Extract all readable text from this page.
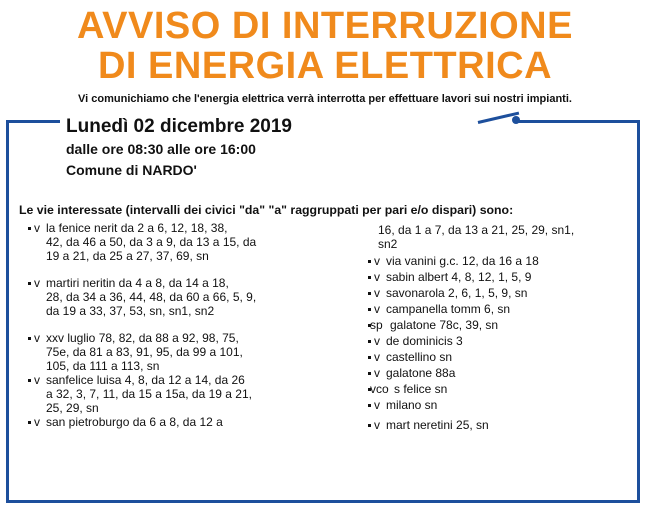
AVVISO DI INTERRUZIONE
DI ENERGIA ELETTRICA
Vi comunichiamo che l'energia elettrica verrà interrotta per effettuare lavori sui nostri impianti.
Lunedì 02 dicembre 2019
dalle ore 08:30 alle ore 16:00
Comune di NARDO'
Le vie interessate (intervalli dei civici "da" "a" raggruppati per pari e/o dispari) sono:
v la fenice nerit da 2 a 6, 12, 18, 38,
42, da 46 a 50, da 3 a 9, da 13 a 15, da
19 a 21, da 25 a 27, 37, 69, sn
v martiri neritin da 4 a 8, da 14 a 18,
28, da 34 a 36, 44, 48, da 60 a 66, 5, 9,
da 19 a 33, 37, 53, sn, sn1, sn2
v xxv luglio 78, 82, da 88 a 92, 98, 75,
75e, da 81 a 83, 91, 95, da 99 a 101,
105, da 111 a 113, sn
v sanfelice luisa 4, 8, da 12 a 14, da 26
a 32, 3, 7, 11, da 15 a 15a, da 19 a 21,
25, 29, sn
v san pietroburgo da 6 a 8, da 12 a
16, da 1 a 7, da 13 a 21, 25, 29, sn1,
sn2
v via vanini g.c. 12, da 16 a 18
v sabin albert 4, 8, 12, 1, 5, 9
v savonarola 2, 6, 1, 5, 9, sn
v campanella tomm 6, sn
sp galatone 78c, 39, sn
v de dominicis 3
v castellino sn
v galatone 88a
vco s felice sn
v milano sn
v mart neretini 25, sn
